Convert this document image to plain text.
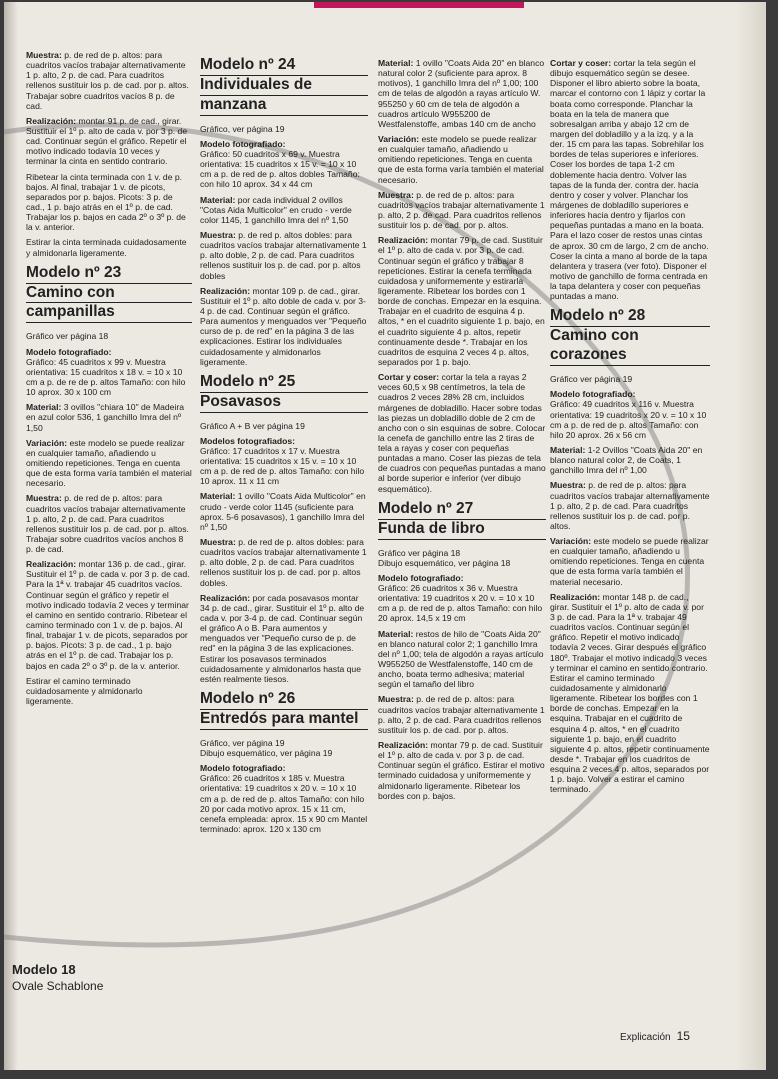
Muestra: p. de red de p. altos: para cuadritos vacíos trabajar alternativamente 1 p. alto, 2 p. de cad. Para cuadritos rellenos sustituir los p. de cad. por p. altos. Trabajar sobre cuadritos vacíos 8 p. de cad.

Realización: montar 91 p. de cad., girar. Sustituir el 1º p. alto de cada v. por 3 p. de cad. Continuar según el gráfico. Repetir el motivo indicado todavía 10 veces y terminar la cinta en sentido contrario.

Ribetear la cinta terminada con 1 v. de p. bajos. Al final, trabajar 1 v. de picots, separados por p. bajos. Picots: 3 p. de cad., 1 p. bajo atrás en el 1º p. de cad. Trabajar los p. bajos en cada 2º o 3º p. de la v. anterior.

Estirar la cinta terminada cuidadosamente y almidonarla ligeramente.

Modelo nº 23
Camino con
campanillas

Gráfico ver página 18

Modelo fotografiado:
Gráfico: 45 cuadritos x 99 v. Muestra orientativa: 15 cuadritos x 18 v. = 10 x 10 cm a p. de re de p. altos Tamaño: con hilo 10 aprox. 30 x 100 cm

Material: 3 ovillos "chiara 10" de Madeira en azul color 536, 1 ganchillo Imra del nº 1,50

Variación: este modelo se puede realizar en cualquier tamaño, añadiendo u omitiendo repeticiones. Tenga en cuenta que de esta forma varía también el material necesario.

Muestra: p. de red de p. altos: para cuadritos vacíos trabajar alternativamente 1 p. alto, 2 p. de cad. Para cuadritos rellenos sustituir los p. de cad. por p. altos. Trabajar sobre cuadritos vacíos anchos 8 p. de cad.

Realización: montar 136 p. de cad., girar. Sustituir el 1º p. de cada v. por 3 p. de cad. Para la 1ª v. trabajar 45 cuadritos vacíos. Continuar según el gráfico y repetir el motivo indicado todavía 2 veces y terminar el camino en sentido contrario. Ribetear el camino terminado con 1 v. de p. bajos. Al final, trabajar 1 v. de picots, separados por p. bajos. Picots: 3 p. de cad., 1 p. bajo atrás en el 1º p. de cad. Trabajar los p. bajos en cada 2º o 3º p. de la v. anterior.

Estirar el camino terminado cuidadosamente y almidonarlo ligeramente.

Modelo 18
Ovale Schablone
Modelo nº 24
Individuales de
manzana

Gráfico, ver página 19

Modelo fotografiado:
Gráfico: 50 cuadritos x 69 v. Muestra orientativa: 15 cuadritos x 15 v. = 10 x 10 cm a p. de red de p. altos dobles Tamaño: con hilo 10 aprox. 34 x 44 cm

Material: por cada individual 2 ovillos "Cotas Aida Multicolor" en crudo - verde color 1145, 1 ganchillo Imra del nº 1,50

Muestra: p. de red p. altos dobles: para cuadritos vacíos trabajar alternativamente 1 p. alto doble, 2 p. de cad. Para cuadritos rellenos sustituir los p. de cad. por p. altos dobles

Realización: montar 109 p. de cad., girar. Sustituir el 1º p. alto doble de cada v. por 3-4 p. de cad. Continuar según el gráfico. Para aumentos y menguados ver "Pequeño curso de p. de red" en la página 3 de las explicaciones. Estirar los individuales cuidadosamente y almidonarlos ligeramente.

Modelo nº 25
Posavasos

Gráfico A + B ver página 19

Modelos fotografiados:
Gráfico: 17 cuadritos x 17 v. Muestra orientativa: 15 cuadritos x 15 v. = 10 x 10 cm a p. de red de p. altos Tamaño: con hilo 10 aprox. 11 x 11 cm

Material: 1 ovillo "Coats Aida Multicolor" en crudo - verde color 1145 (suficiente para aprox. 5-6 posavasos), 1 ganchillo Imra del nº 1,50

Muestra: p. de red de p. altos dobles: para cuadritos vacíos trabajar alternativamente 1 p. alto doble, 2 p. de cad. Para cuadritos rellenos sustituir los p. de cad. por p. altos dobles.

Realización: por cada posavasos montar 34 p. de cad., girar. Sustituir el 1º p. alto de cada v. por 3-4 p. de cad. Continuar según el gráfico A o B. Para aumentos y menguados ver "Pequeño curso de p. de red" en la página 3 de las explicaciones. Estirar los posavasos terminados cuidadosamente y almidonarlos hasta que estén realmente tiesos.

Modelo nº 26
Entredós para mantel

Gráfico, ver página 19

Dibujo esquemático, ver página 19

Modelo fotografiado:
Gráfico: 26 cuadritos x 185 v. Muestra orientativa: 19 cuadritos x 20 v. = 10 x 10 cm a p. de red de p. altos Tamaño: con hilo 20 por cada motivo aprox. 15 x 11 cm, cenefa empleada: aprox. 15 x 90 cm Mantel terminado: aprox. 120 x 130 cm

Material: 1 ovillo "Coats Aida 20" en blanco natural color 2 (suficiente para aprox. 8 motivos), 1 ganchillo Imra del nº 1,00; 100 cm de telas de algodón a rayas artículo W. 955250 y 60 cm de tela de algodón a cuadros artículo W955200 de Westfalenstoffe, ambas 140 cm de ancho

Variación: este modelo se puede realizar en cualquier tamaño, añadiendo u omitiendo repeticiones. Tenga en cuenta que de esta forma varía también el material necesario.

Muestra: p. de red de p. altos: para cuadritos vacíos trabajar alternativamente 1 p. alto, 2 p. de cad. Para cuadritos rellenos sustituir los p. de cad. por p. altos.

Realización: montar 79 p. de cad. Sustituir el 1º p. alto de cada v. por 3 p. de cad. Continuar según el gráfico y trabajar 8 repeticiones. Estirar la cenefa terminada cuidadosa y uniformemente y estirarla ligeramente. Ribetear los bordes con 1 borde de conchas. Empezar en la esquina. Trabajar en el cuadrito de esquina 4 p. altos, * en el cuadrito siguiente 1 p. bajo, en el cuadrito siguiente 4 p. altos, repetir continuamente desde *. Trabajar en los cuadritos de esquina 2 veces 4 p. altos, separados por 1 p. bajo.

Cortar y coser: cortar la tela a rayas 2 veces 60,5 x 98 centímetros, la tela de cuadros 2 veces 28% 28 cm, incluidos márgenes de dobladillo. Hacer sobre todas las piezas un dobladillo doble de 2 cm de ancho con o sin esquinas de sobre. Colocar la cenefa de ganchillo entre las 2 tiras de tela a rayas y coser con pequeñas puntadas a mano. Coser las piezas de tela de cuadros con pequeñas puntadas a mano al borde superior e inferior (ver dibujo esquemático).

Modelo nº 27
Funda de libro

Gráfico ver página 18

Dibujo esquemático, ver página 18

Modelo fotografiado:
Gráfico: 26 cuadritos x 36 v. Muestra orientativa: 19 cuadritos x 20 v. = 10 x 10 cm a p. de red de p. altos Tamaño: con hilo 20 aprox. 14,5 x 19 cm

Material: restos de hilo de "Coats Aida 20" en blanco natural color 2; 1 ganchillo Imra del nº 1,00; tela de algodón a rayas artículo W955250 de Westfalenstoffe, 140 cm de ancho, boata termo adhesiva; material según el tamaño del libro

Muestra: p. de red de p. altos: para cuadritos vacíos trabajar alternativamente 1 p. alto, 2 p. de cad. Para cuadritos rellenos sustituir los p. de cad. por p. altos.

Realización: montar 79 p. de cad. Sustituir el 1º p. alto de cada v. por 3 p. de cad. Continuar según el gráfico. Estirar el motivo terminado cuidadosa y uniformemente y almidonarlo ligeramente. Ribetear los bordes con p. bajos.

Cortar y coser: cortar la tela según el dibujo esquemático según se desee. Disponer el libro abierto sobre la boata, marcar el contorno con 1 lápiz y cortar la boata como corresponde. Planchar la boata en la tela de manera que sobresalgan arriba y abajo 12 cm de margen del dobladillo y a la izq. y a la der. 15 cm para las tapas. Sobrehilar los bordes de telas superiores e inferiores. Coser los bordes de tapa 1-2 cm doblemente hacia dentro. Volver las tapas de la funda der. contra der. hacia dentro y coser y volver. Planchar los márgenes de dobladillo superiores e inferiores hacia dentro y fijarlos con pequeñas puntadas a mano en la boata. Para el lazo coser de restos unas cintas de aprox. 30 cm de largo, 2 cm de ancho. Coser la cinta a mano al borde de la tapa delantera y trasera (ver foto). Disponer el motivo de ganchillo de forma centrada en la tapa delantera y coser con pequeñas puntadas a mano.

Modelo nº 28
Camino con corazones

Gráfico ver página 19

Modelo fotografiado:
Gráfico: 49 cuadritos x 116 v. Muestra orientativa: 19 cuadritos x 20 v. = 10 x 10 cm a p. de red de p. altos Tamaño: con hilo 20 aprox. 26 x 56 cm

Material: 1-2 Ovillos "Coats Aida 20" en blanco natural color 2, de Coats, 1 ganchillo Imra del nº 1,00

Muestra: p. de red de p. altos: para cuadritos vacíos trabajar alternativamente 1 p. alto, 2 p. de cad. Para cuadritos rellenos sustituir los p. de cad. por p. altos.

Variación: este modelo se puede realizar en cualquier tamaño, añadiendo u omitiendo repeticiones. Tenga en cuenta que de esta forma varía también el material necesario.

Realización: montar 148 p. de cad., girar. Sustituir el 1º p. alto de cada v. por 3 p. de cad. Para la 1ª v. trabajar 49 cuadritos vacíos. Continuar según el gráfico. Repetir el motivo indicado todavía 2 veces. Girar después el gráfico 180º. Trabajar el motivo indicado 3 veces y terminar el camino en sentido contrario. Estirar el camino terminado cuidadosamente y almidonarlo ligeramente. Ribetear los bordes con 1 borde de conchas. Empezar en la esquina. Trabajar en el cuadrito de esquina 4 p. altos, * en el cuadrito siguiente 1 p. bajo, en el cuadrito siguiente 4 p. altos, repetir continuamente desde *. Trabajar en los cuadritos de esquina 2 veces 4 p. altos, separados por 1 p. bajo. Volver a estirar el camino terminado.

Explicación 15
